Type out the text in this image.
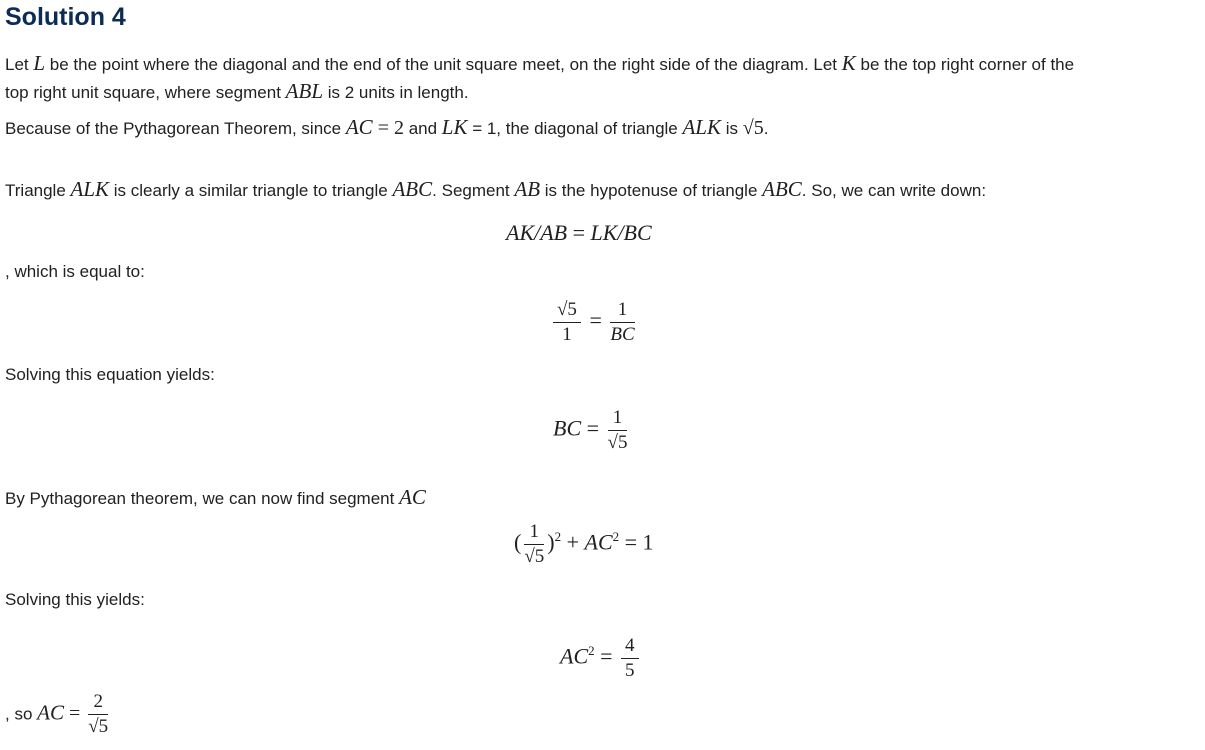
Solution 4

Let L be the point where the diagonal and the end of the unit square meet, on the right side of the diagram. Let K be the top right corner of the
top right unit square, where segment ABL is 2 units in length.

Because of the Pythagorean Theorem, since AC = 2 and LK = 1, the diagonal of triangle ALK is √5.

Triangle ALK is clearly a similar triangle to triangle ABC. Segment AB is the hypotenuse of triangle ABC. So, we can write down:

AK/AB = LK/BC

, which is equal to:

$\frac{√5}{1} = \frac{1}{BC}$

Solving this equation yields:

BC = $\frac{1}{√5}$

By Pythagorean theorem, we can now find segment AC

( $\frac{1}{√5} )^2 + AC^2 = 1$

Solving this yields:

$AC^2 = \frac{4}{5}$
, so AC = $\frac{2}{√5}$
